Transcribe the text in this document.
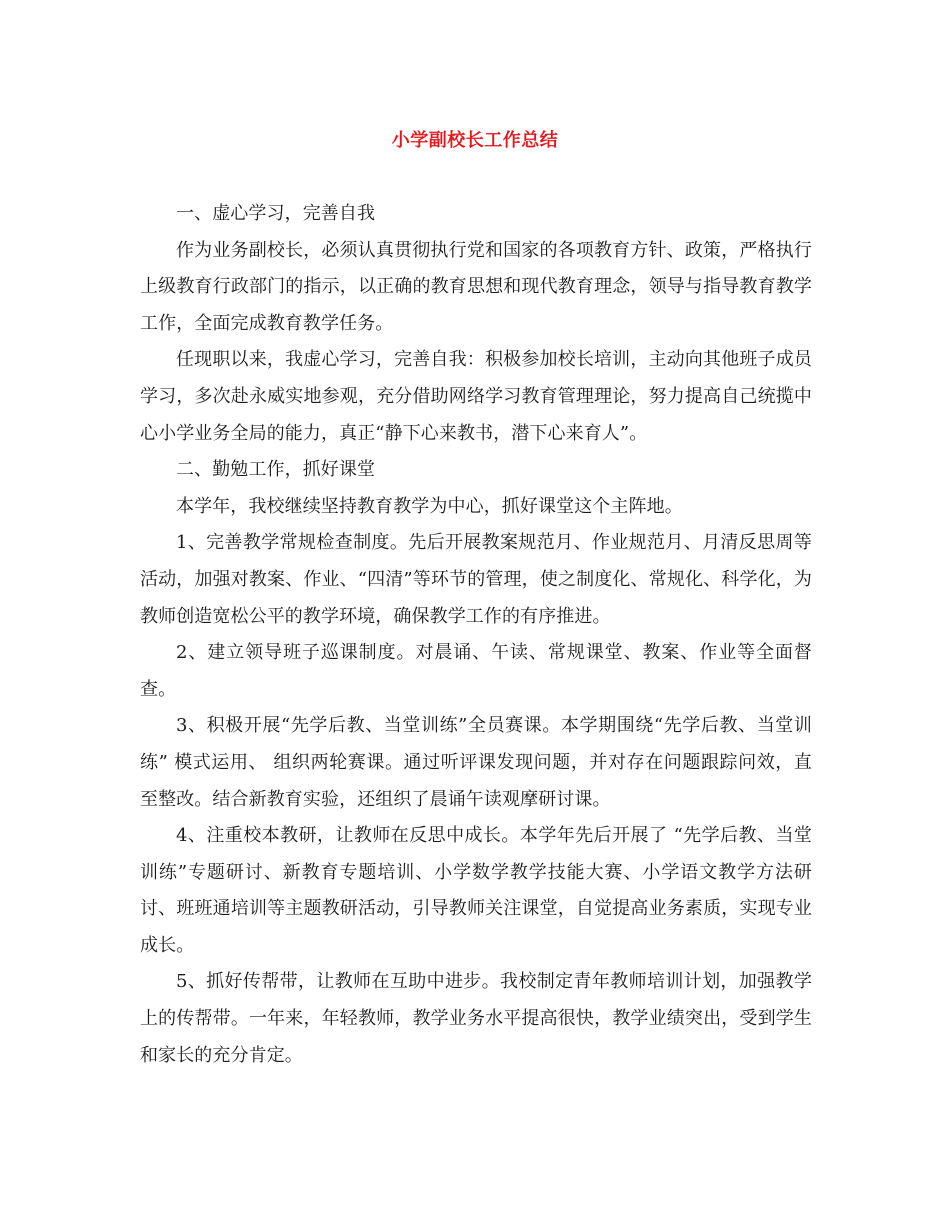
小学副校长工作总结

一、虚心学习，完善自我

作为业务副校长，必须认真贯彻执行党和国家的各项教育方针、政策，严格执行上级教育行政部门的指示，以正确的教育思想和现代教育理念，领导与指导教育教学工作，全面完成教育教学任务。

任现职以来，我虚心学习，完善自我：积极参加校长培训，主动向其他班子成员学习，多次赴永威实地参观，充分借助网络学习教育管理理论，努力提高自己统揽中心小学业务全局的能力，真正“静下心来教书，潜下心来育人”。

二、勤勉工作，抓好课堂

本学年，我校继续坚持教育教学为中心，抓好课堂这个主阵地。

1、完善教学常规检查制度。先后开展教案规范月、作业规范月、月清反思周等活动，加强对教案、作业、“四清”等环节的管理，使之制度化、常规化、科学化，为教师创造宽松公平的教学环境，确保教学工作的有序推进。

2、建立领导班子巡课制度。对晨诵、午读、常规课堂、教案、作业等全面督查。

3、积极开展“先学后教、当堂训练”全员赛课。本学期围绕“先学后教、当堂训练” 模式运用、 组织两轮赛课。通过听评课发现问题，并对存在问题跟踪问效，直至整改。结合新教育实验，还组织了晨诵午读观摩研讨课。

4、注重校本教研，让教师在反思中成长。本学年先后开展了 “先学后教、当堂训练”专题研讨、新教育专题培训、小学数学教学技能大赛、小学语文教学方法研讨、班班通培训等主题教研活动，引导教师关注课堂，自觉提高业务素质，实现专业成长。

5、抓好传帮带，让教师在互助中进步。我校制定青年教师培训计划，加强教学上的传帮带。一年来，年轻教师，教学业务水平提高很快，教学业绩突出，受到学生和家长的充分肯定。
